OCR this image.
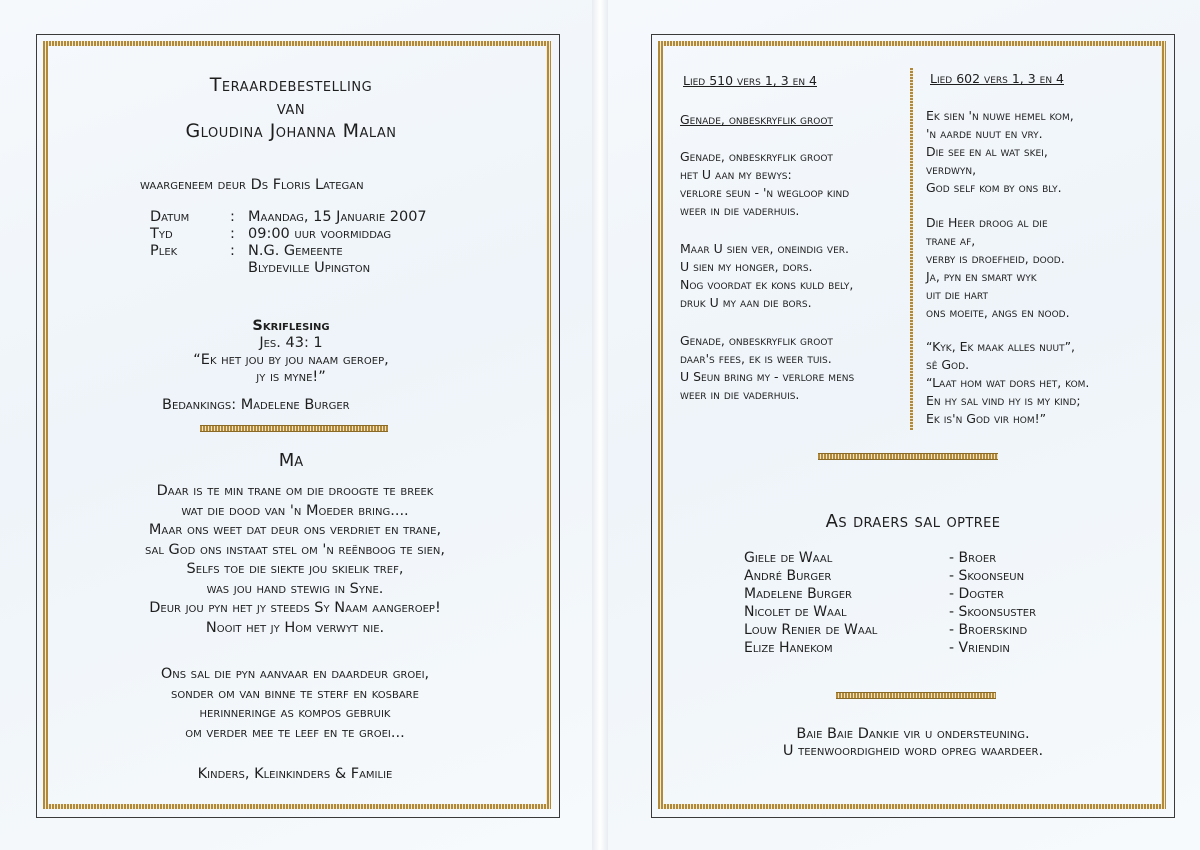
Teraardebestelling
van
Gloudina Johanna Malan
waargeneem deur Ds Floris Lategan
Datum	: Maandag, 15 Januarie 2007
Tyd	: 09:00 uur voormiddag
Plek	: N.G. Gemeente
Blydeville Upington
Skriflesing
Jes. 43: 1
“Ek het jou by jou naam geroep,
jy is myne!”
Bedankings: Madelene Burger
Ma
Daar is te min trane om die droogte te breek
wat die dood van 'n Moeder bring....
Maar ons weet dat deur ons verdriet en trane,
sal God ons instaat stel om 'n reënboog te sien,
Selfs toe die siekte jou skielik tref,
was jou hand stewig in Syne.
Deur jou pyn het jy steeds Sy Naam aangeroep!
Nooit het jy Hom verwyt nie.
Ons sal die pyn aanvaar en daardeur groei,
sonder om van binne te sterf en kosbare
herinneringe as kompos gebruik
om verder mee te leef en te groei...
Kinders, Kleinkinders & Familie
Lied 510 vers 1, 3 en 4
Genade, onbeskryflik groot
Genade, onbeskryflik groot
het U aan my bewys:
verlore seun - 'n wegloop kind
weer in die vaderhuis.
Maar U sien ver, oneindig ver.
U sien my honger, dors.
Nog voordat ek kons kuld bely,
druk U my aan die bors.
Genade, onbeskryflik groot
daar's fees, ek is weer tuis.
U Seun bring my - verlore mens
weer in die vaderhuis.
Lied 602 vers 1, 3 en 4
Ek sien 'n nuwe hemel kom,
'n aarde nuut en vry.
Die see en al wat skei,
verdwyn,
God self kom by ons bly.
Die Heer droog al die
trane af,
verby is droefheid, dood.
Ja, pyn en smart wyk
uit die hart
ons moeite, angs en nood.
“Kyk, Ek maak alles nuut”,
sê God.
“Laat hom wat dors het, kom.
En hy sal vind hy is my kind;
Ek is'n God vir hom!”
As draers sal optree
Giele de Waal	- Broer
André Burger	- Skoonseun
Madelene Burger	- Dogter
Nicolet de Waal	- Skoonsuster
Louw Renier de Waal	- Broerskind
Elize Hanekom	- Vriendin
Baie Baie Dankie vir u ondersteuning.
U teenwoordigheid word opreg waardeer.
